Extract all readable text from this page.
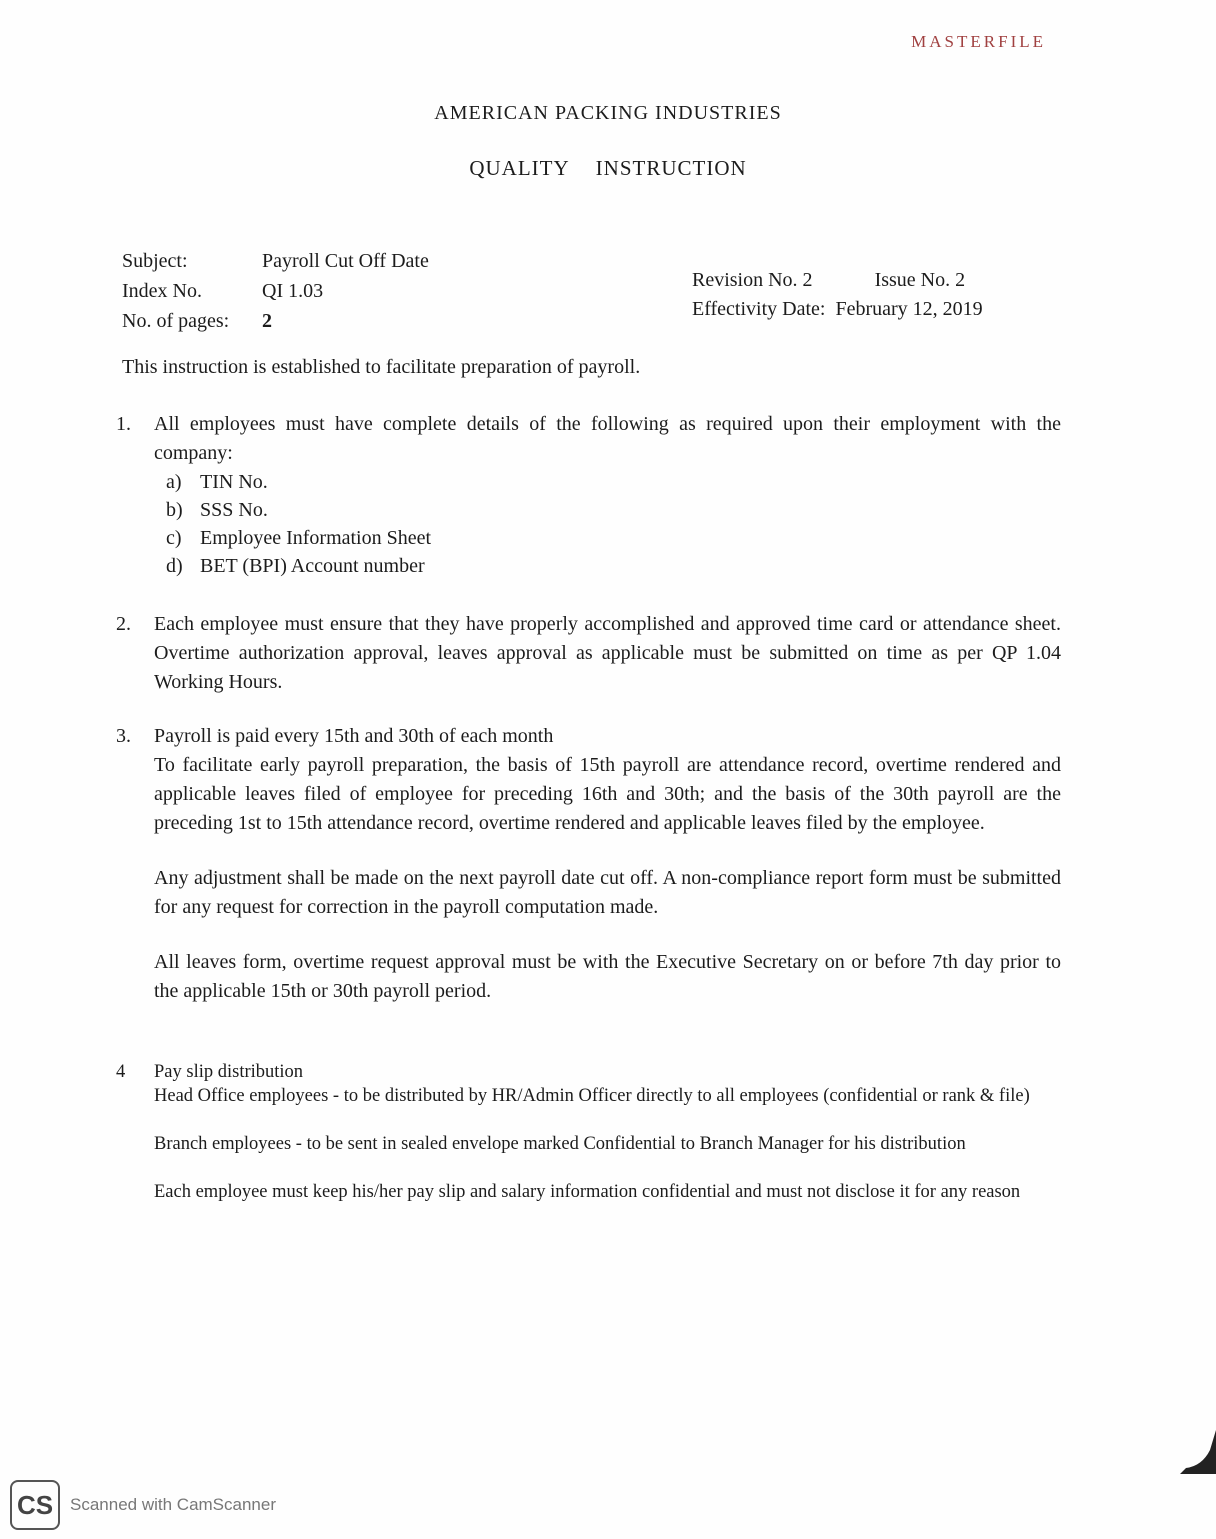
MASTERFILE
AMERICAN PACKING INDUSTRIES
QUALITY INSTRUCTION
Subject:	Payroll Cut Off Date
Index No.	QI 1.03
No. of pages:	2
Revision No. 2	Issue No. 2
Effectivity Date: February 12, 2019
This instruction is established to facilitate preparation of payroll.
1.	All employees must have complete details of the following as required upon their employment with the company:
a) TIN No.
b) SSS No.
c) Employee Information Sheet
d) BET (BPI) Account number
2.	Each employee must ensure that they have properly accomplished and approved time card or attendance sheet. Overtime authorization approval, leaves approval as applicable must be submitted on time as per QP 1.04 Working Hours.
3.	Payroll is paid every 15th and 30th of each month
To facilitate early payroll preparation, the basis of 15th payroll are attendance record, overtime rendered and applicable leaves filed of employee for preceding 16th and 30th; and the basis of the 30th payroll are the preceding 1st to 15th attendance record, overtime rendered and applicable leaves filed by the employee.
Any adjustment shall be made on the next payroll date cut off. A non-compliance report form must be submitted for any request for correction in the payroll computation made.
All leaves form, overtime request approval must be with the Executive Secretary on or before 7th day prior to the applicable 15th or 30th payroll period.
4	Pay slip distribution
Head Office employees - to be distributed by HR/Admin Officer directly to all employees (confidential or rank & file)
Branch employees - to be sent in sealed envelope marked Confidential to Branch Manager for his distribution
Each employee must keep his/her pay slip and salary information confidential and must not disclose it for any reason
CS Scanned with CamScanner
